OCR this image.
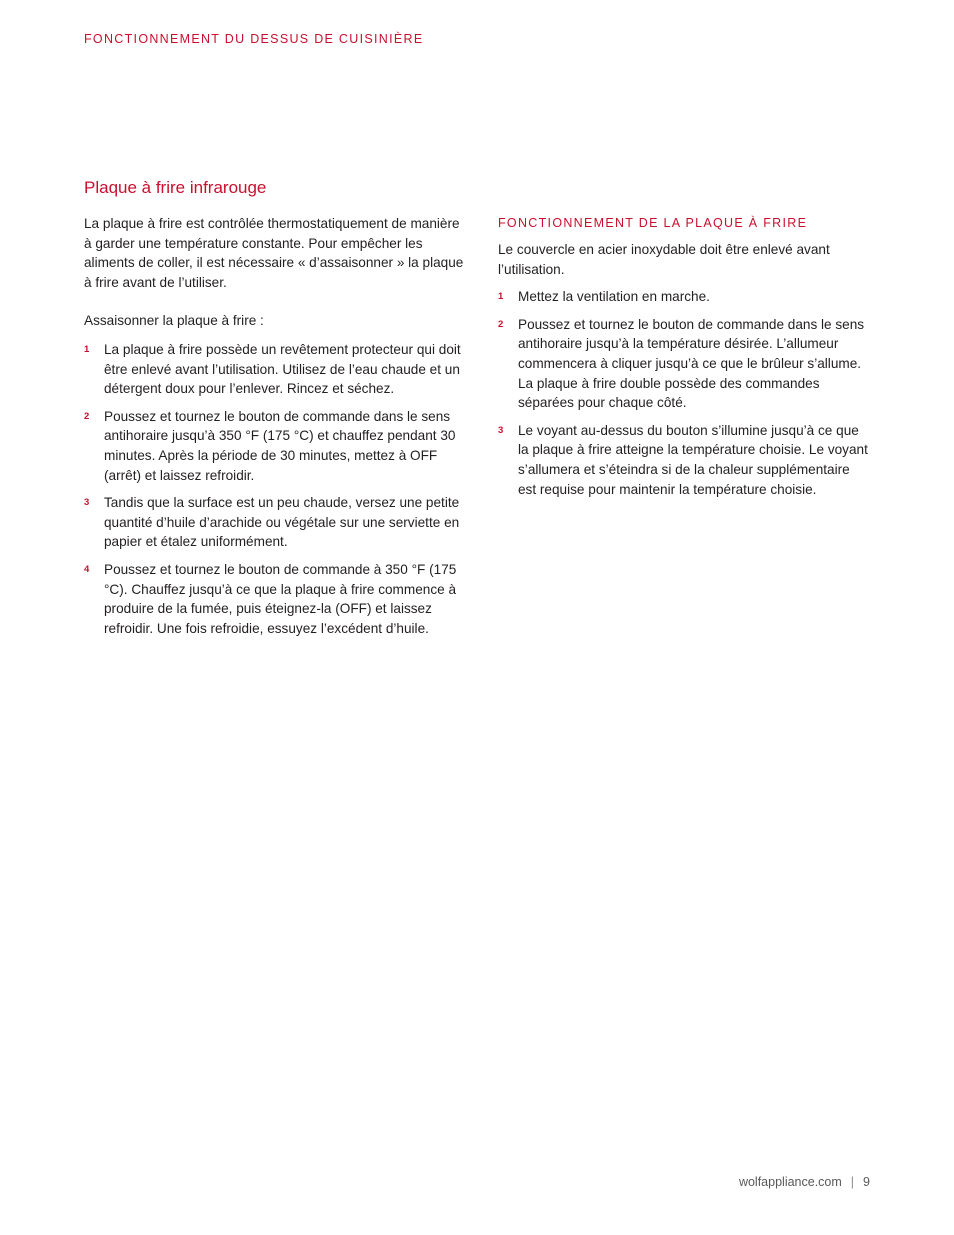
FONCTIONNEMENT DU DESSUS DE CUISINIÈRE
Plaque à frire infrarouge

La plaque à frire est contrôlée thermostatiquement de manière à garder une température constante. Pour empêcher les aliments de coller, il est nécessaire « d’assaisonner » la plaque à frire avant de l’utiliser.

Assaisonner la plaque à frire :

1	La plaque à frire possède un revêtement protecteur qui doit être enlevé avant l’utilisation. Utilisez de l’eau chaude et un détergent doux pour l’enlever. Rincez et séchez.
2	Poussez et tournez le bouton de commande dans le sens antihoraire jusqu’à 350 °F (175 °C) et chauffez pendant 30 minutes. Après la période de 30 minutes, mettez à OFF (arrêt) et laissez refroidir.
3	Tandis que la surface est un peu chaude, versez une petite quantité d’huile d’arachide ou végétale sur une serviette en papier et étalez uniformément.
4	Poussez et tournez le bouton de commande à 350 °F (175 °C). Chauffez jusqu’à ce que la plaque à frire commence à produire de la fumée, puis éteignez-la (OFF) et laissez refroidir. Une fois refroidie, essuyez l’excédent d’huile.
FONCTIONNEMENT DE LA PLAQUE À FRIRE

Le couvercle en acier inoxydable doit être enlevé avant l’utilisation.

1	Mettez la ventilation en marche.
2	Poussez et tournez le bouton de commande dans le sens antihoraire jusqu’à la température désirée. L’allumeur commencera à cliquer jusqu’à ce que le brûleur s’allume. La plaque à frire double possède des commandes séparées pour chaque côté.
3	Le voyant au-dessus du bouton s’illumine jusqu’à ce que la plaque à frire atteigne la température choisie. Le voyant s’allumera et s’éteindra si de la chaleur supplémentaire est requise pour maintenir la température choisie.
wolfappliance.com | 9
